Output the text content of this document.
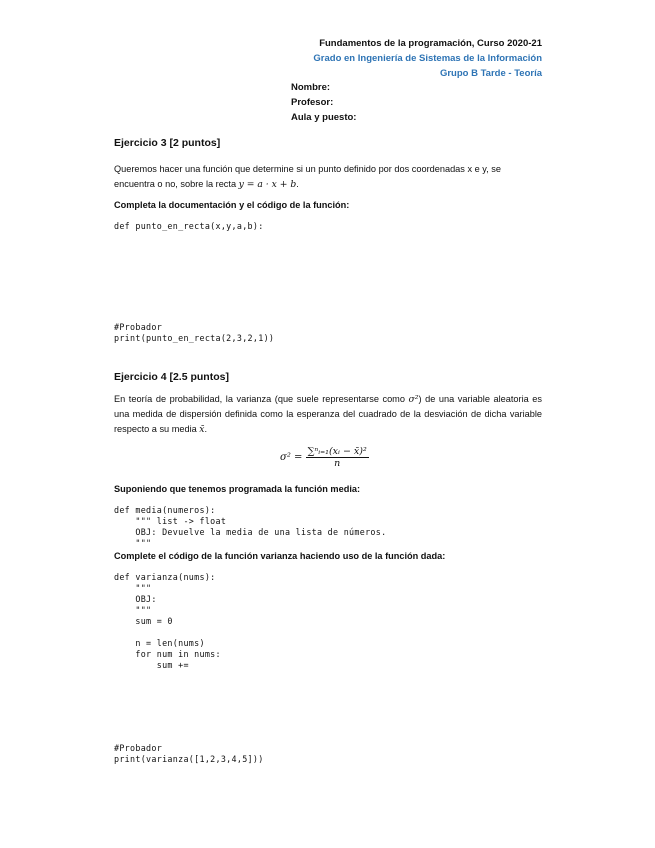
Fundamentos de la programación, Curso 2020-21
Grado en Ingeniería de Sistemas de la Información
Grupo B Tarde - Teoría
Nombre:
Profesor:
Aula y puesto:
Ejercicio 3 [2 puntos]
Queremos hacer una función que determine si un punto definido por dos coordenadas x e y, se encuentra o no, sobre la recta y = a · x + b.
Completa la documentación y el código de la función:
def punto_en_recta(x,y,a,b):
#Probador
print(punto_en_recta(2,3,2,1))
Ejercicio 4 [2.5 puntos]
En teoría de probabilidad, la varianza (que suele representarse como σ²) de una variable aleatoria es una medida de dispersión definida como la esperanza del cuadrado de la desviación de dicha variable respecto a su media x̄.
$\sigma^2 = \frac{\text{∑ⁿᵢ₌₁(xᵢ − x̄)²}}{n}$
Suponiendo que tenemos programada la función media:
def media(numeros):
""" list -> float
OBJ: Devuelve la media de una lista de números.
"""
Complete el código de la función varianza haciendo uso de la función dada:
def varianza(nums):
"""
OBJ:
"""
sum = 0

n = len(nums)
for num in nums:
sum +=
#Probador
print(varianza([1,2,3,4,5]))
